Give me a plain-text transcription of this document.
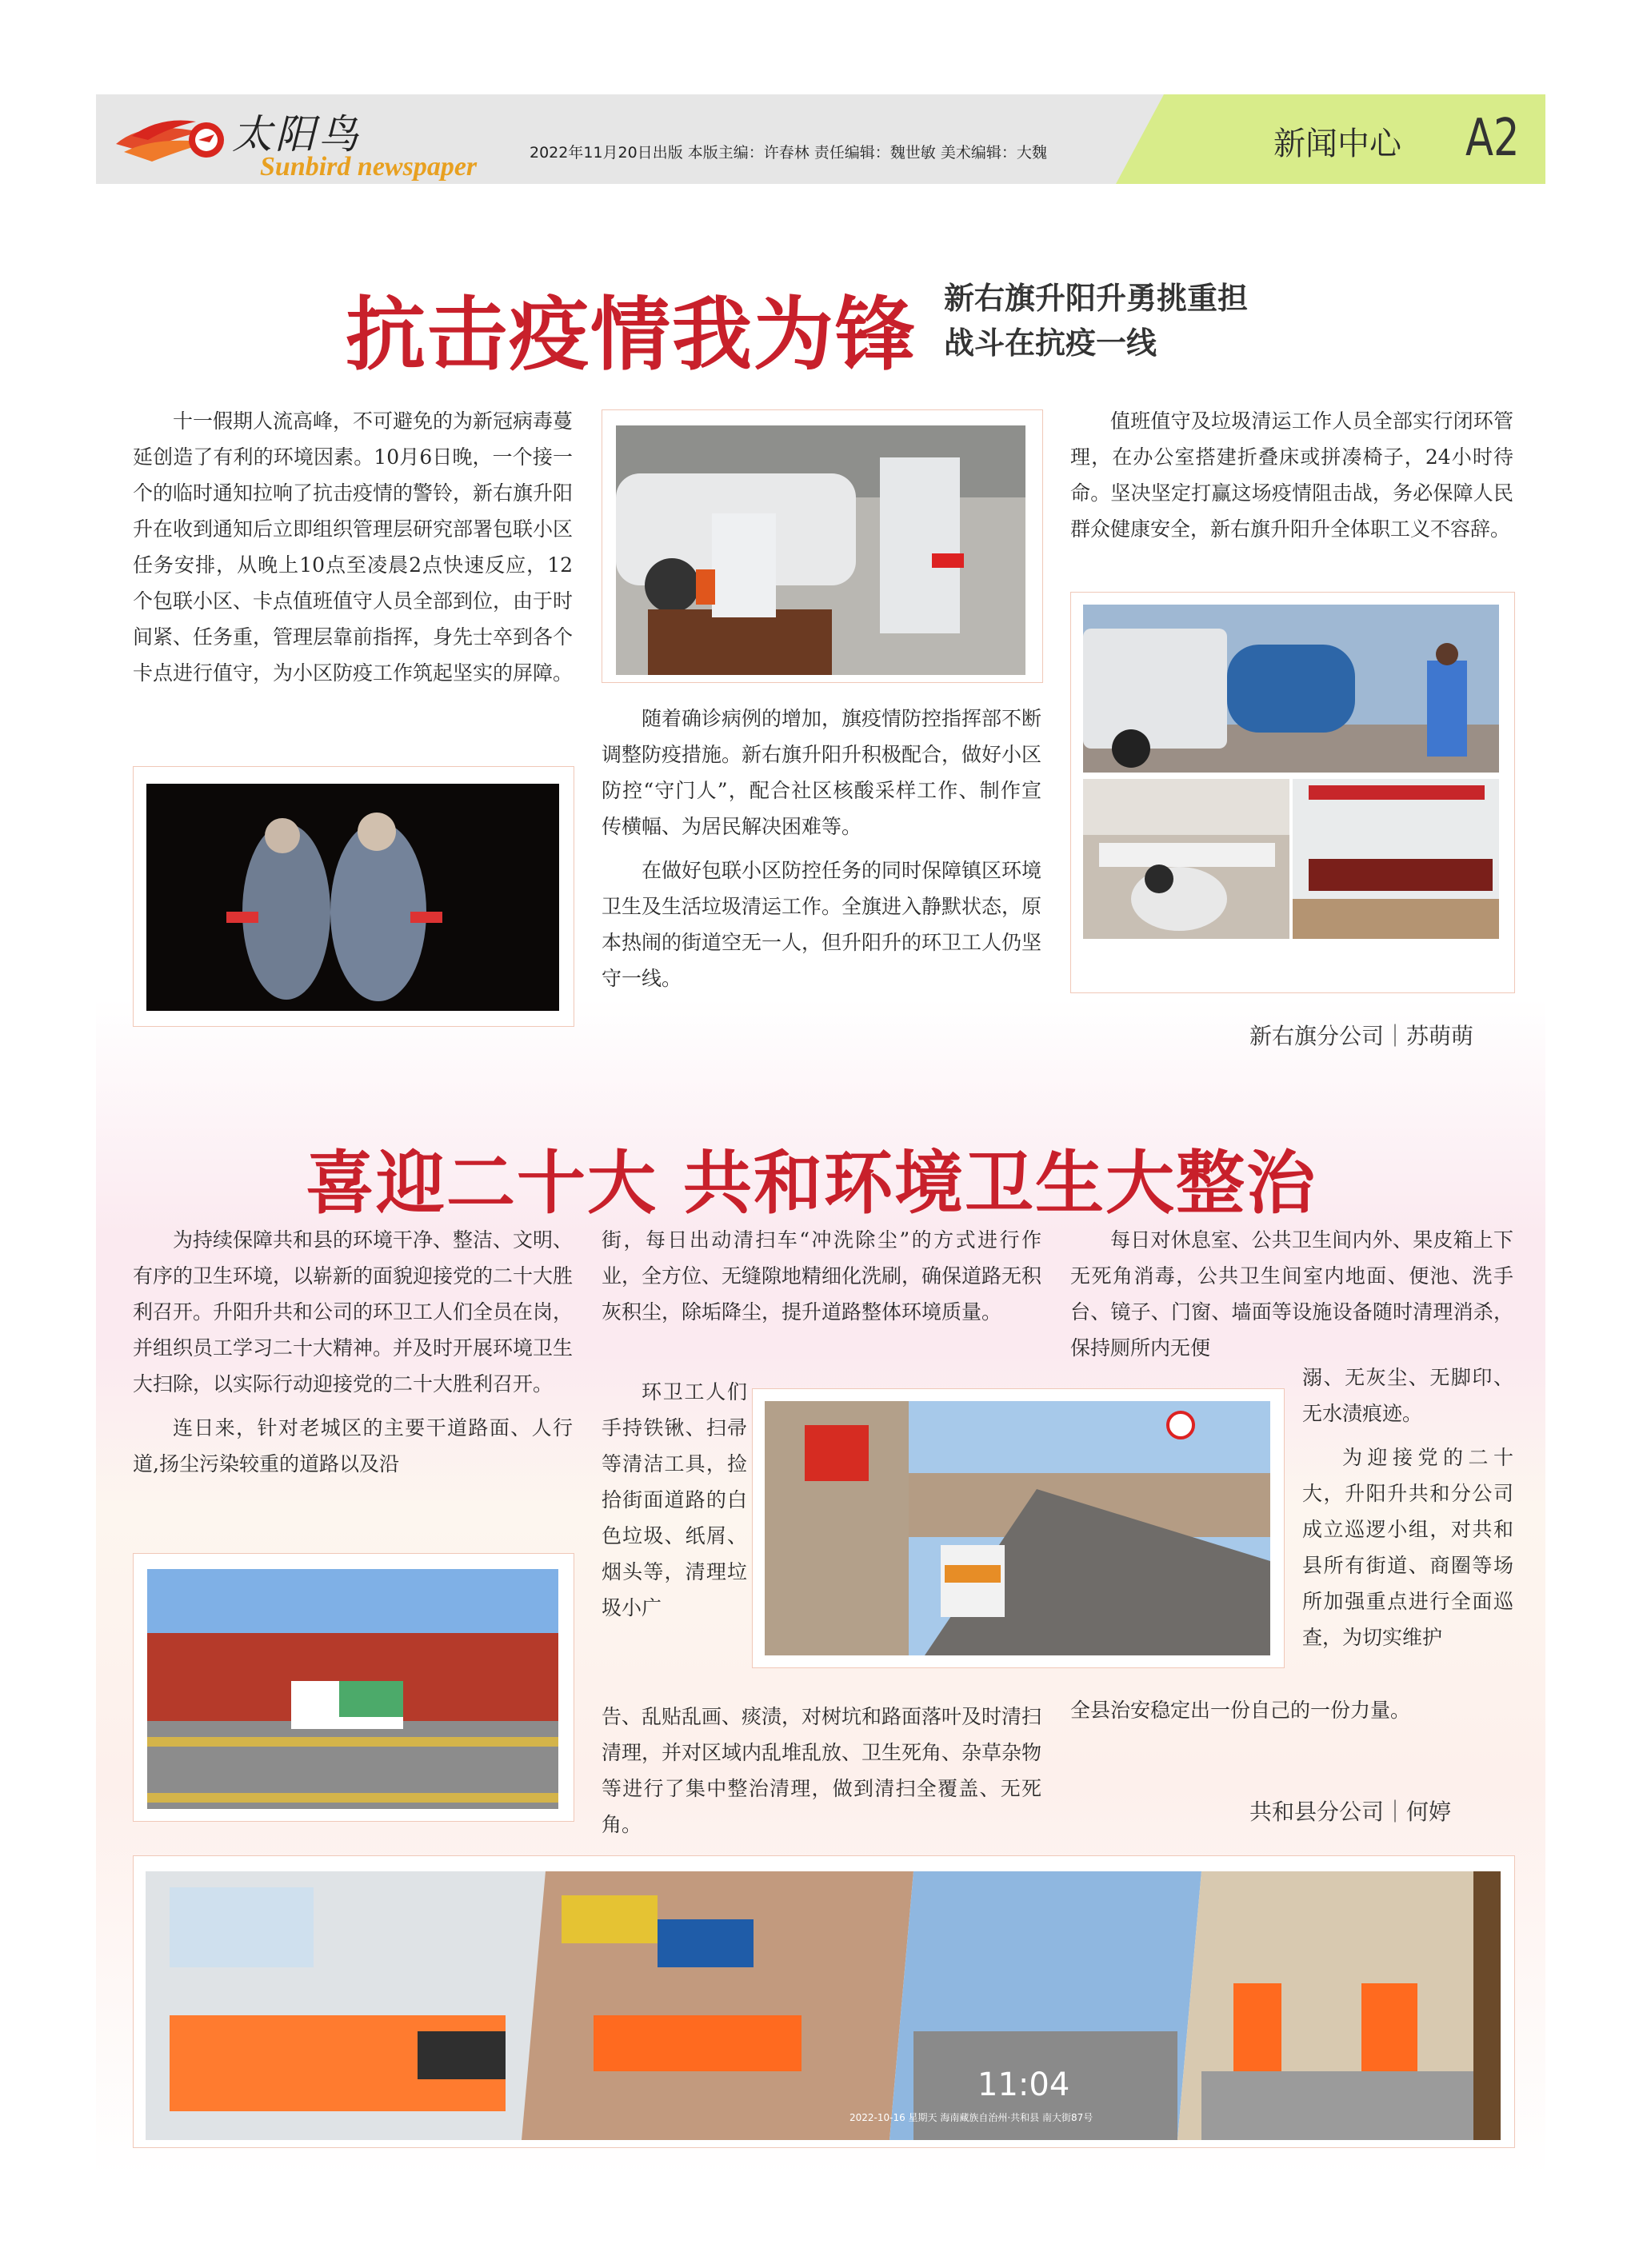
太阳鸟
Sunbird newspaper	2022年11月20日出版 本版主编：许春林 责任编辑：魏世敏 美术编辑：大魏	新闻中心 A2
抗击疫情我为锋 新右旗升阳升勇挑重担
战斗在抗疫一线

十一假期人流高峰，不可避免的为新冠病毒蔓延创造了有利的环境因素。10月6日晚，一个接一个的临时通知拉响了抗击疫情的警铃，新右旗升阳升在收到通知后立即组织管理层研究部署包联小区任务安排，从晚上10点至凌晨2点快速反应，12个包联小区、卡点值班值守人员全部到位，由于时间紧、任务重，管理层靠前指挥，身先士卒到各个卡点进行值守，为小区防疫工作筑起坚实的屏障。

随着确诊病例的增加，旗疫情防控指挥部不断调整防疫措施。新右旗升阳升积极配合，做好小区防控“守门人”，配合社区核酸采样工作、制作宣传横幅、为居民解决困难等。

在做好包联小区防控任务的同时保障镇区环境卫生及生活垃圾清运工作。全旗进入静默状态，原本热闹的街道空无一人，但升阳升的环卫工人仍坚守一线。

值班值守及垃圾清运工作人员全部实行闭环管理，在办公室搭建折叠床或拼凑椅子，24小时待命。坚决坚定打赢这场疫情阻击战，务必保障人民群众健康安全，新右旗升阳升全体职工义不容辞。

新右旗分公司｜苏萌萌
喜迎二十大 共和环境卫生大整治

为持续保障共和县的环境干净、整洁、文明、有序的卫生环境，以崭新的面貌迎接党的二十大胜利召开。升阳升共和公司的环卫工人们全员在岗，并组织员工学习二十大精神。并及时开展环境卫生大扫除，以实际行动迎接党的二十大胜利召开。

连日来，针对老城区的主要干道路面、人行道,扬尘污染较重的道路以及沿

街，每日出动清扫车“冲洗除尘”的方式进行作业，全方位、无缝隙地精细化洗刷，确保道路无积灰积尘，除垢降尘，提升道路整体环境质量。

环卫工人们手持铁锹、扫帚等清洁工具，捡拾街面道路的白色垃圾、纸屑、烟头等，清理垃圾小广

告、乱贴乱画、痰渍，对树坑和路面落叶及时清扫清理，并对区域内乱堆乱放、卫生死角、杂草杂物等进行了集中整治清理，做到清扫全覆盖、无死角。

每日对休息室、公共卫生间内外、果皮箱上下无死角消毒，公共卫生间室内地面、便池、洗手台、镜子、门窗、墙面等设施设备随时清理消杀，保持厕所内无便

溺、无灰尘、无脚印、无水渍痕迹。

为迎接党的二十大，升阳升共和分公司成立巡逻小组，对共和县所有街道、商圈等场所加强重点进行全面巡查，为切实维护

全县治安稳定出一份自己的一份力量。

共和县分公司｜何婷
11:04
2022-10-16 星期天 海南藏族自治州·共和县 南大街87号
